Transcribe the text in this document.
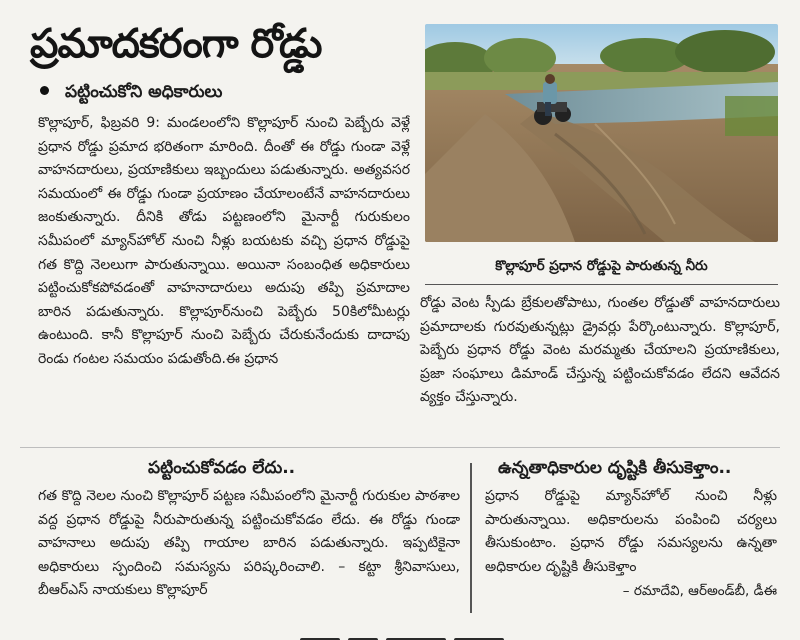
ప్రమాదకరంగా రోడ్డు
పట్టించుకోని అధికారులు
కొల్లాపూర్, ఫిబ్రవరి 9: మండలంలోని కొల్లాపూర్ నుంచి పెబ్బేరు వెళ్లే ప్రధాన రోడ్డు ప్రమాద భరితంగా మారింది. దీంతో ఈ రోడ్డు గుండా వెళ్లే వాహనదారులు, ప్రయాణికులు ఇబ్బందులు పడుతున్నారు. అత్యవసర సమయంలో ఈ రోడ్డు గుండా ప్రయాణం చేయాలంటేనే వాహనదారులు జంకుతున్నారు. దీనికి తోడు పట్టణంలోని మైనార్టీ గురుకులం సమీపంలో మ్యాన్‌హోల్ నుంచి నీళ్లు బయటకు వచ్చి ప్రధాన రోడ్డుపై గత కొద్ది నెలలుగా పారుతున్నాయి. అయినా సంబంధిత అధికారులు పట్టించుకోకపోవడంతో వాహనాదారులు అదుపు తప్పి ప్రమాదాల బారిన పడుతున్నారు. కొల్లాపూర్‌నుంచి పెబ్బేరు 50కిలోమీటర్లు ఉంటుంది. కానీ కొల్లాపూర్ నుంచి పెబ్బేరు చేరుకునేందుకు దాదాపు రెండు గంటల సమయం పడుతోంది.ఈ ప్రధాన
కొల్లాపూర్ ప్రధాన రోడ్డుపై పారుతున్న నీరు
రోడ్డు వెంట స్పీడు బ్రేకులతోపాటు, గుంతల రోడ్డుతో వాహనదారులు ప్రమాదాలకు గురవుతున్నట్లు డ్రైవర్లు పేర్కొంటున్నారు. కొల్లాపూర్, పెబ్బేరు ప్రధాన రోడ్డు వెంట మరమ్మతు చేయాలని ప్రయాణికులు, ప్రజా సంఘాలు డిమాండ్ చేస్తున్న పట్టించుకోవడం లేదని ఆవేదన వ్యక్తం చేస్తున్నారు.
పట్టించుకోవడం లేదు..
గత కొద్ది నెలల నుంచి కొల్లాపూర్ పట్టణ సమీపంలోని మైనార్టీ గురుకుల పాఠశాల వద్ద ప్రధాన రోడ్డుపై నీరుపారుతున్న పట్టించుకోవడం లేదు. ఈ రోడ్డు గుండా వాహనాలు అదుపు తప్పి గాయాల బారిన పడుతున్నారు. ఇప్పటికైనా అధికారులు స్పందించి సమస్యను పరిష్కరించాలి. – కట్టా శ్రీనివాసులు, బీఆర్ఎస్ నాయకులు కొల్లాపూర్
ఉన్నతాధికారుల దృష్టికి తీసుకెళ్తాం..
ప్రధాన రోడ్డుపై మ్యాన్‌హోల్ నుంచి నీళ్లు పారుతున్నాయి. అధికారులను పంపించి చర్యలు తీసుకుంటాం. ప్రధాన రోడ్డు సమస్యలను ఉన్నతా అధికారుల దృష్టికి తీసుకెళ్తాం
– రమాదేవి, ఆర్అండ్‌బీ, డీఈ
